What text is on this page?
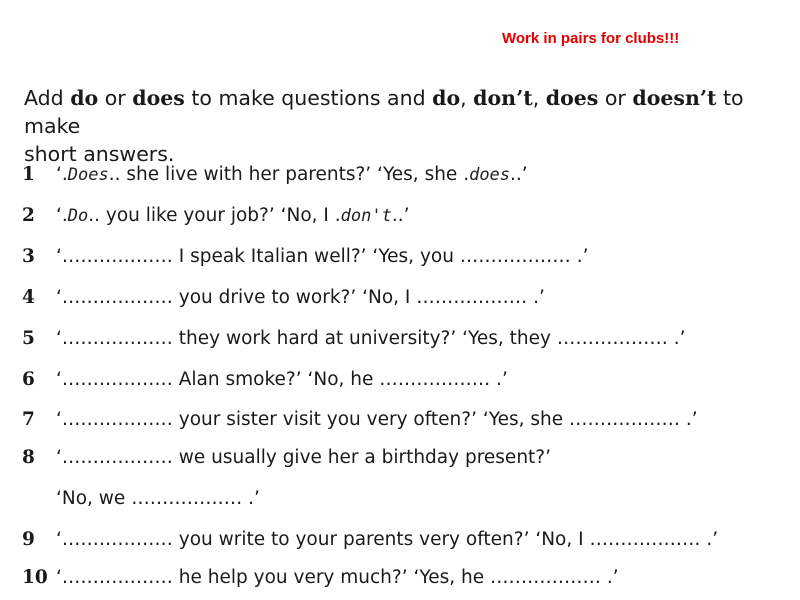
Work in pairs for clubs!!!
Add do or does to make questions and do, don’t, does or doesn’t to make
short answers.
1 ‘.Does.. she live with her parents?’ ‘Yes, she .does..’
2 ‘.Do.. you like your job?’ ‘No, I .don't..’
3 ‘……………… I speak Italian well?’ ‘Yes, you ……………… .’
4 ‘……………… you drive to work?’ ‘No, I ……………… .’
5 ‘……………… they work hard at university?’ ‘Yes, they ……………… .’
6 ‘……………… Alan smoke?’ ‘No, he ……………… .’
7 ‘……………… your sister visit you very often?’ ‘Yes, she ……………… .’
8 ‘……………… we usually give her a birthday present?’
‘No, we ……………… .’
9 ‘……………… you write to your parents very often?’ ‘No, I ……………… .’
10 ‘……………… he help you very much?’ ‘Yes, he ……………… .’
